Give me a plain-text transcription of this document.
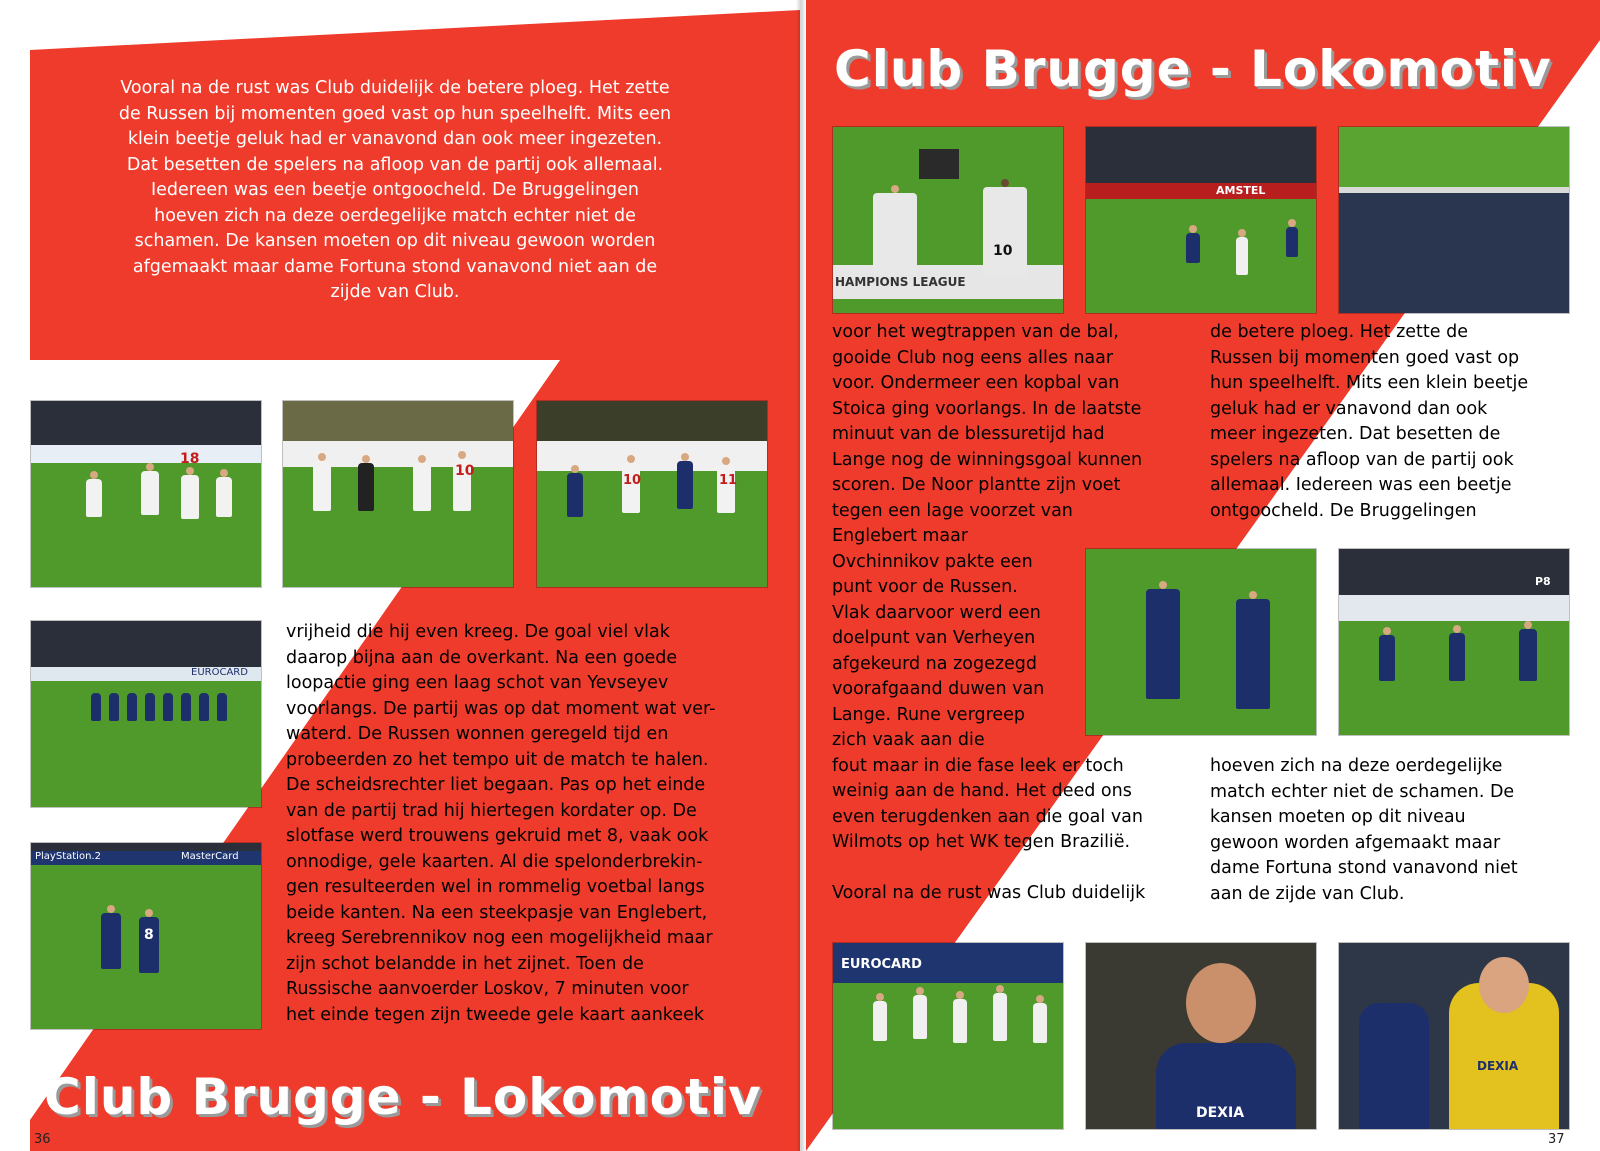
Vooral na de rust was Club duidelijk de betere ploeg. Het zette

de Russen bij momenten goed vast op hun speelhelft. Mits een

klein beetje geluk had er vanavond dan ook meer ingezeten.

Dat besetten de spelers na afloop van de partij ook allemaal.

Iedereen was een beetje ontgoocheld. De Bruggelingen

hoeven zich na deze oerdegelijke match echter niet de

schamen. De kansen moeten op dit niveau gewoon worden

afgemaakt maar dame Fortuna stond vanavond niet aan de

zijde van Club.

18
10
10	11
EUROCARD
PlayStation.2	MasterCard
8

vrijheid die hij even kreeg. De goal viel vlak

daarop bijna aan de overkant. Na een goede

loopactie ging een laag schot van Yevseyev

voorlangs. De partij was op dat moment wat ver-

waterd. De Russen wonnen geregeld tijd en

probeerden zo het tempo uit de match te halen.

De scheidsrechter liet begaan. Pas op het einde

van de partij trad hij hiertegen kordater op. De

slotfase werd trouwens gekruid met 8, vaak ook

onnodige, gele kaarten. Al die spelonderbrekin-

gen resulteerden wel in rommelig voetbal langs

beide kanten. Na een steekpasje van Englebert,

kreeg Serebrennikov nog een mogelijkheid maar

zijn schot belandde in het zijnet. Toen de

Russische aanvoerder Loskov, 7 minuten voor

het einde tegen zijn tweede gele kaart aankeek

Club Brugge - Lokomotiv
36
Club Brugge - Lokomotiv
HAMPIONS LEAGUE
10
AMSTEL

voor het wegtrappen van de bal,

gooide Club nog eens alles naar

voor. Ondermeer een kopbal van

Stoica ging voorlangs. In de laatste

minuut van de blessuretijd had

Lange nog de winningsgoal kunnen

scoren. De Noor plantte zijn voet

tegen een lage voorzet van

Englebert maar

Ovchinnikov pakte een

punt voor de Russen.

Vlak daarvoor werd een

doelpunt van Verheyen

afgekeurd na zogezegd

voorafgaand duwen van

Lange. Rune vergreep

zich vaak aan die

fout maar in die fase leek er toch

weinig aan de hand. Het deed ons

even terugdenken aan die goal van

Wilmots op het WK tegen Brazilië.

Vooral na de rust was Club duidelijk

de betere ploeg. Het zette de

Russen bij momenten goed vast op

hun speelhelft. Mits een klein beetje

geluk had er vanavond dan ook

meer ingezeten. Dat besetten de

spelers na afloop van de partij ook

allemaal. Iedereen was een beetje

ontgoocheld. De Bruggelingen

P8

hoeven zich na deze oerdegelijke

match echter niet de schamen. De

kansen moeten op dit niveau

gewoon worden afgemaakt maar

dame Fortuna stond vanavond niet

aan de zijde van Club.

EUROCARD
DEXIA
DEXIA
37
